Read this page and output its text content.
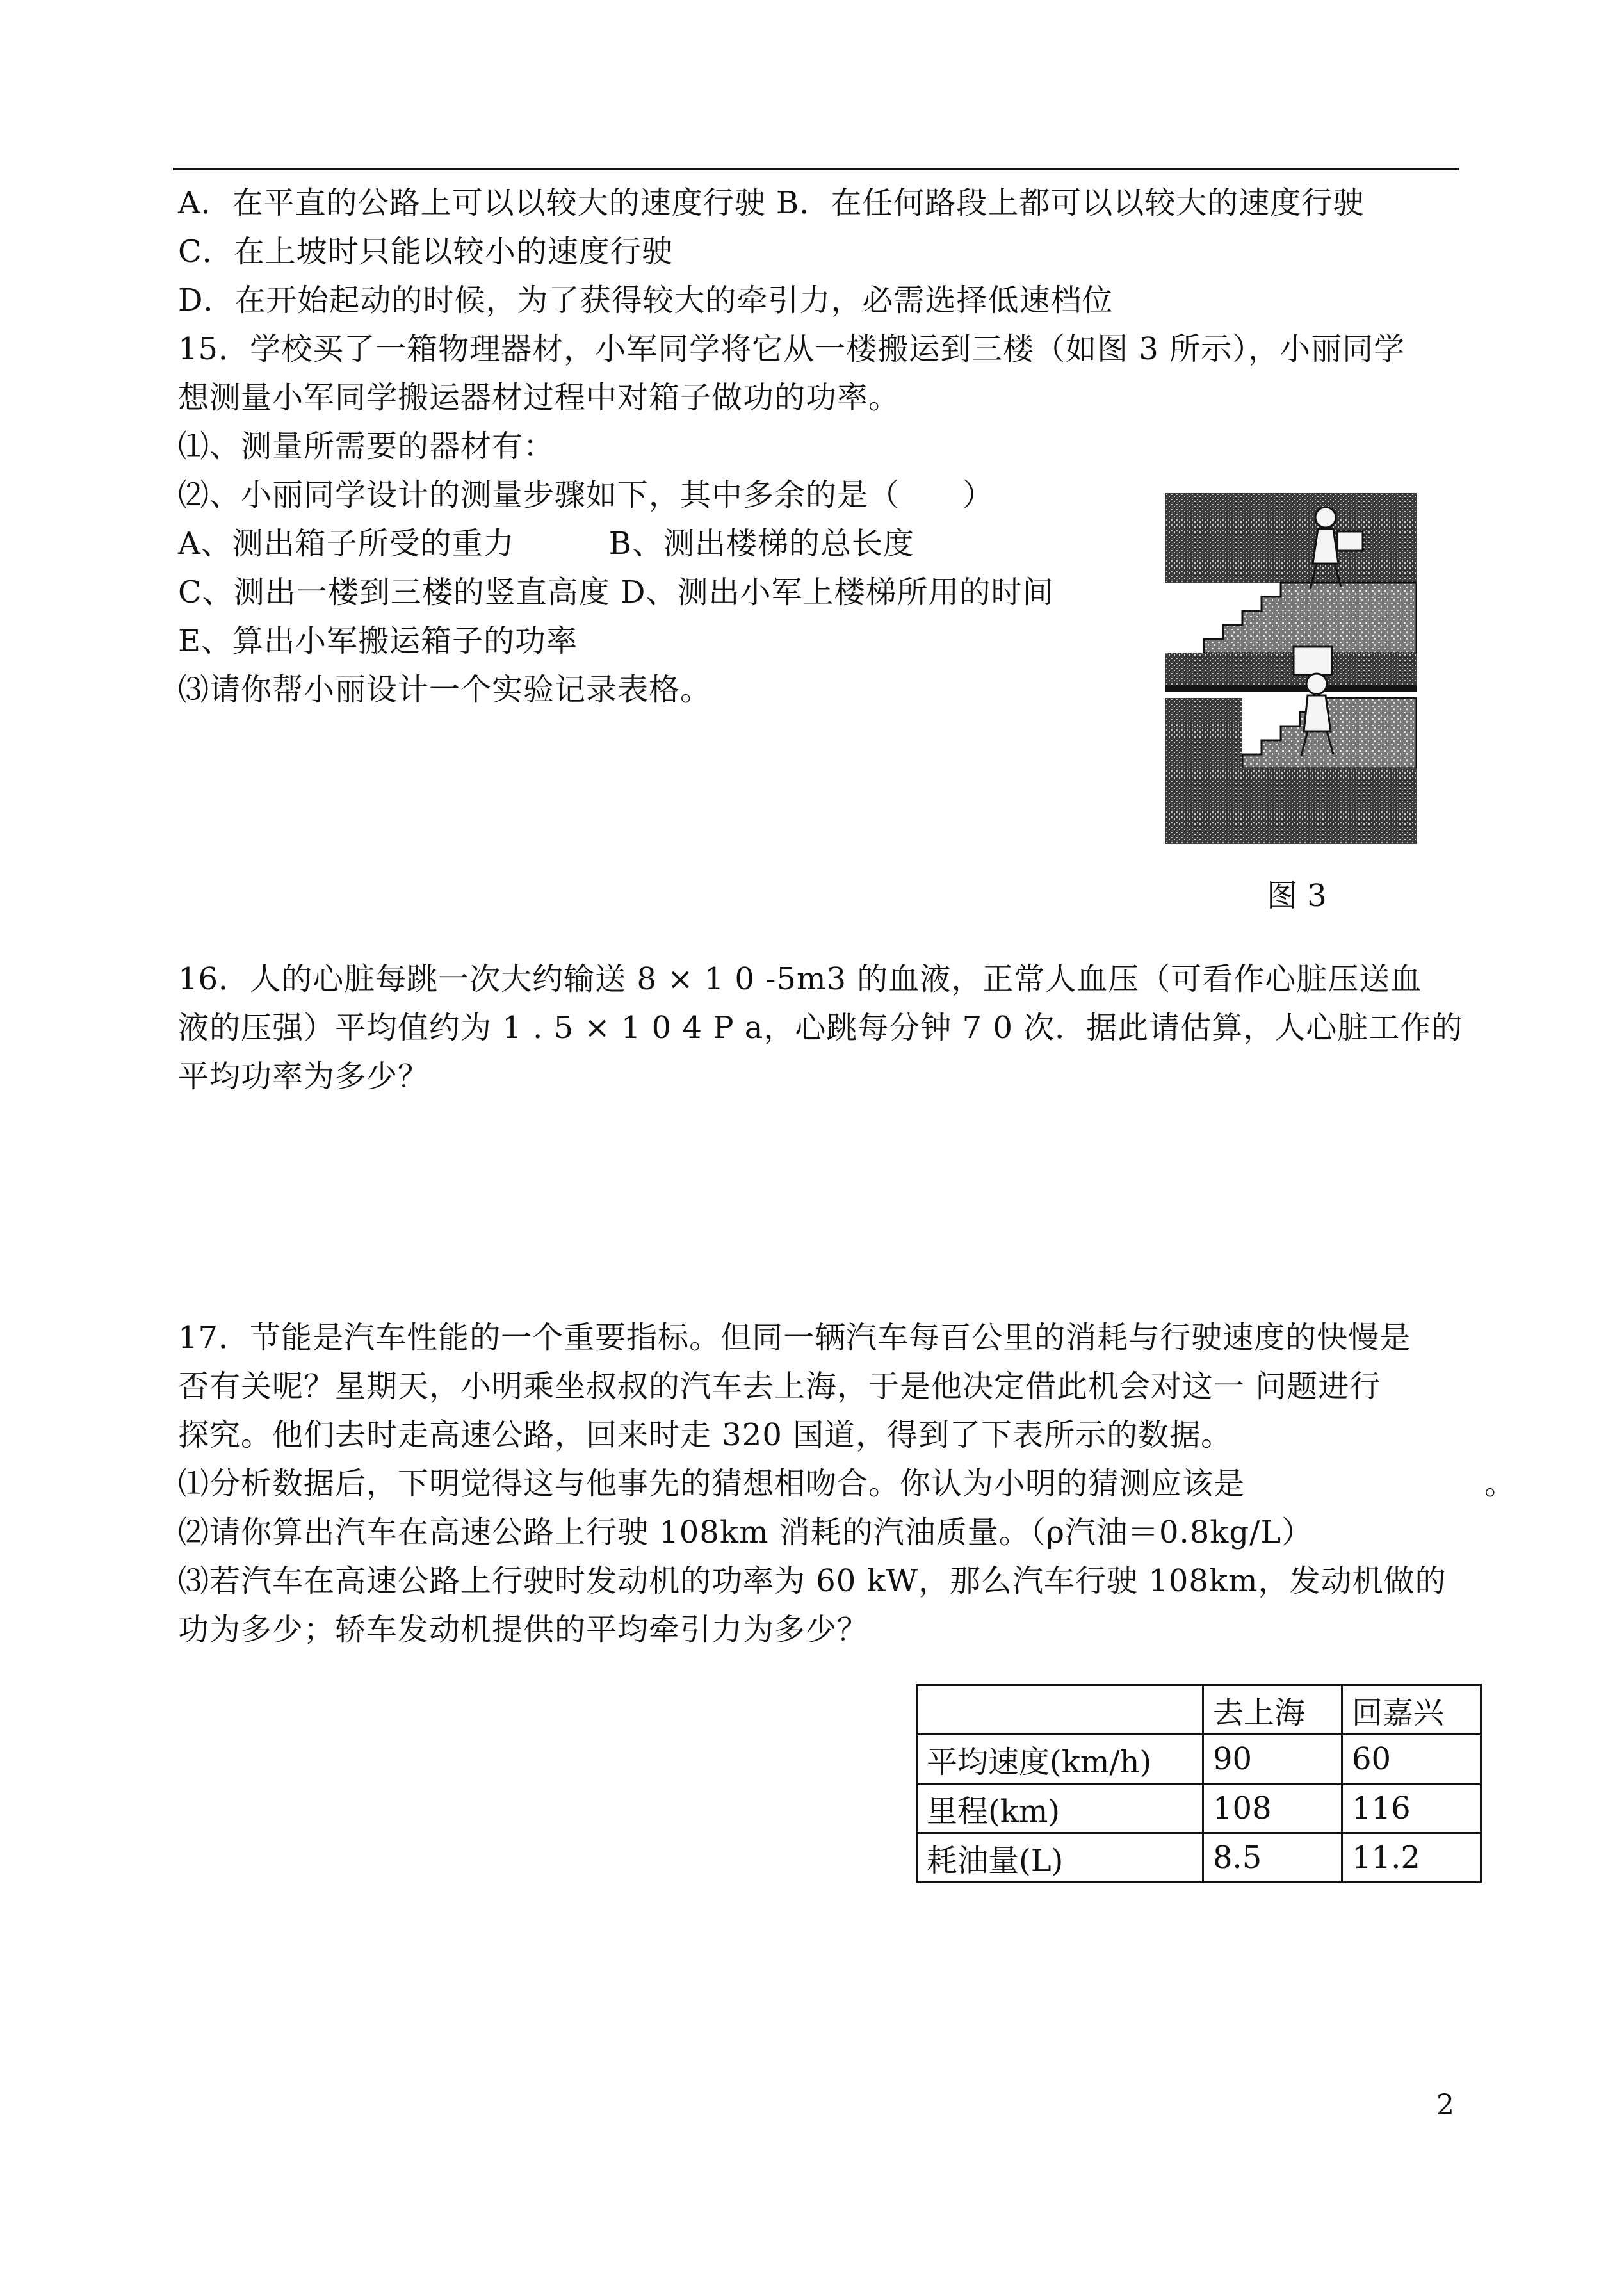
A．在平直的公路上可以以较大的速度行驶 B．在任何路段上都可以以较大的速度行驶
C．在上坡时只能以较小的速度行驶
D．在开始起动的时候，为了获得较大的牵引力，必需选择低速档位
15．学校买了一箱物理器材，小军同学将它从一楼搬运到三楼（如图 3 所示），小丽同学
想测量小军同学搬运器材过程中对箱子做功的功率。
⑴、测量所需要的器材有：
⑵、小丽同学设计的测量步骤如下，其中多余的是（　　）
A、测出箱子所受的重力　　　B、测出楼梯的总长度
C、测出一楼到三楼的竖直高度 D、测出小军上楼梯所用的时间
E、算出小军搬运箱子的功率
⑶请你帮小丽设计一个实验记录表格。
图 3
16．人的心脏每跳一次大约输送 8 × 1 0 -5m3 的血液，正常人血压（可看作心脏压送血
液的压强）平均值约为 1 . 5 × 1 0 4 P a，心跳每分钟 7 0 次．据此请估算，人心脏工作的
平均功率为多少？
17．节能是汽车性能的一个重要指标。但同一辆汽车每百公里的消耗与行驶速度的快慢是
否有关呢？星期天，小明乘坐叔叔的汽车去上海，于是他决定借此机会对这一 问题进行
探究。他们去时走高速公路，回来时走 320 国道，得到了下表所示的数据。
⑴分析数据后，下明觉得这与他事先的猜想相吻合。你认为小明的猜测应该是	。
⑵请你算出汽车在高速公路上行驶 108km 消耗的汽油质量。（ρ汽油＝0.8kg/L）
⑶若汽车在高速公路上行驶时发动机的功率为 60 kW，那么汽车行驶 108km，发动机做的
功为多少；轿车发动机提供的平均牵引力为多少？
	去上海	回嘉兴
平均速度(km/h)	90	60
里程(km)	108	116
耗油量(L)	8.5	11.2
2
